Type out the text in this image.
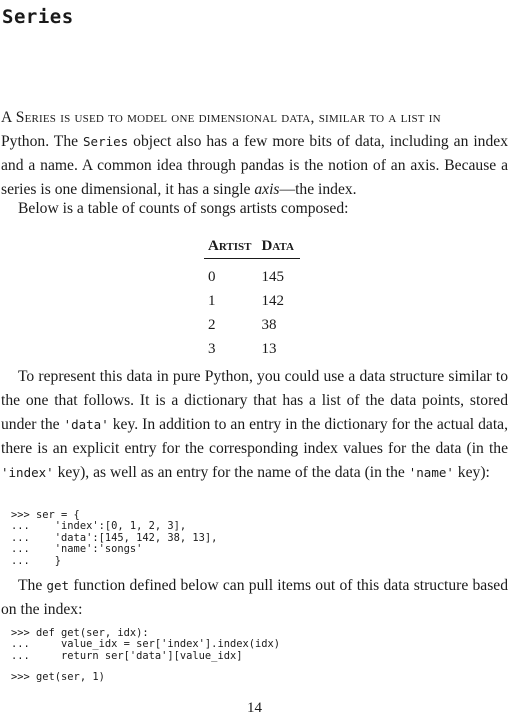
Series

A Series is used to model one dimensional data, similar to a list in
Python. The Series object also has a few more bits of data, including an index and a name. A common idea through pandas is the notion of an axis. Because a series is one dimensional, it has a single axis—the index.

Below is a table of counts of songs artists composed:

Artist	Data
0	145
1	142
2	38
3	13

To represent this data in pure Python, you could use a data structure similar to the one that follows. It is a dictionary that has a list of the data points, stored under the 'data' key. In addition to an entry in the dictionary for the actual data, there is an explicit entry for the corresponding index values for the data (in the 'index' key), as well as an entry for the name of the data (in the 'name' key):

>>> ser = {
...    'index':[0, 1, 2, 3],
...    'data':[145, 142, 38, 13],
...    'name':'songs'
...    }

The get function defined below can pull items out of this data structure based on the index:

>>> def get(ser, idx):
...     value_idx = ser['index'].index(idx)
...     return ser['data'][value_idx]
>>> get(ser, 1)
14
